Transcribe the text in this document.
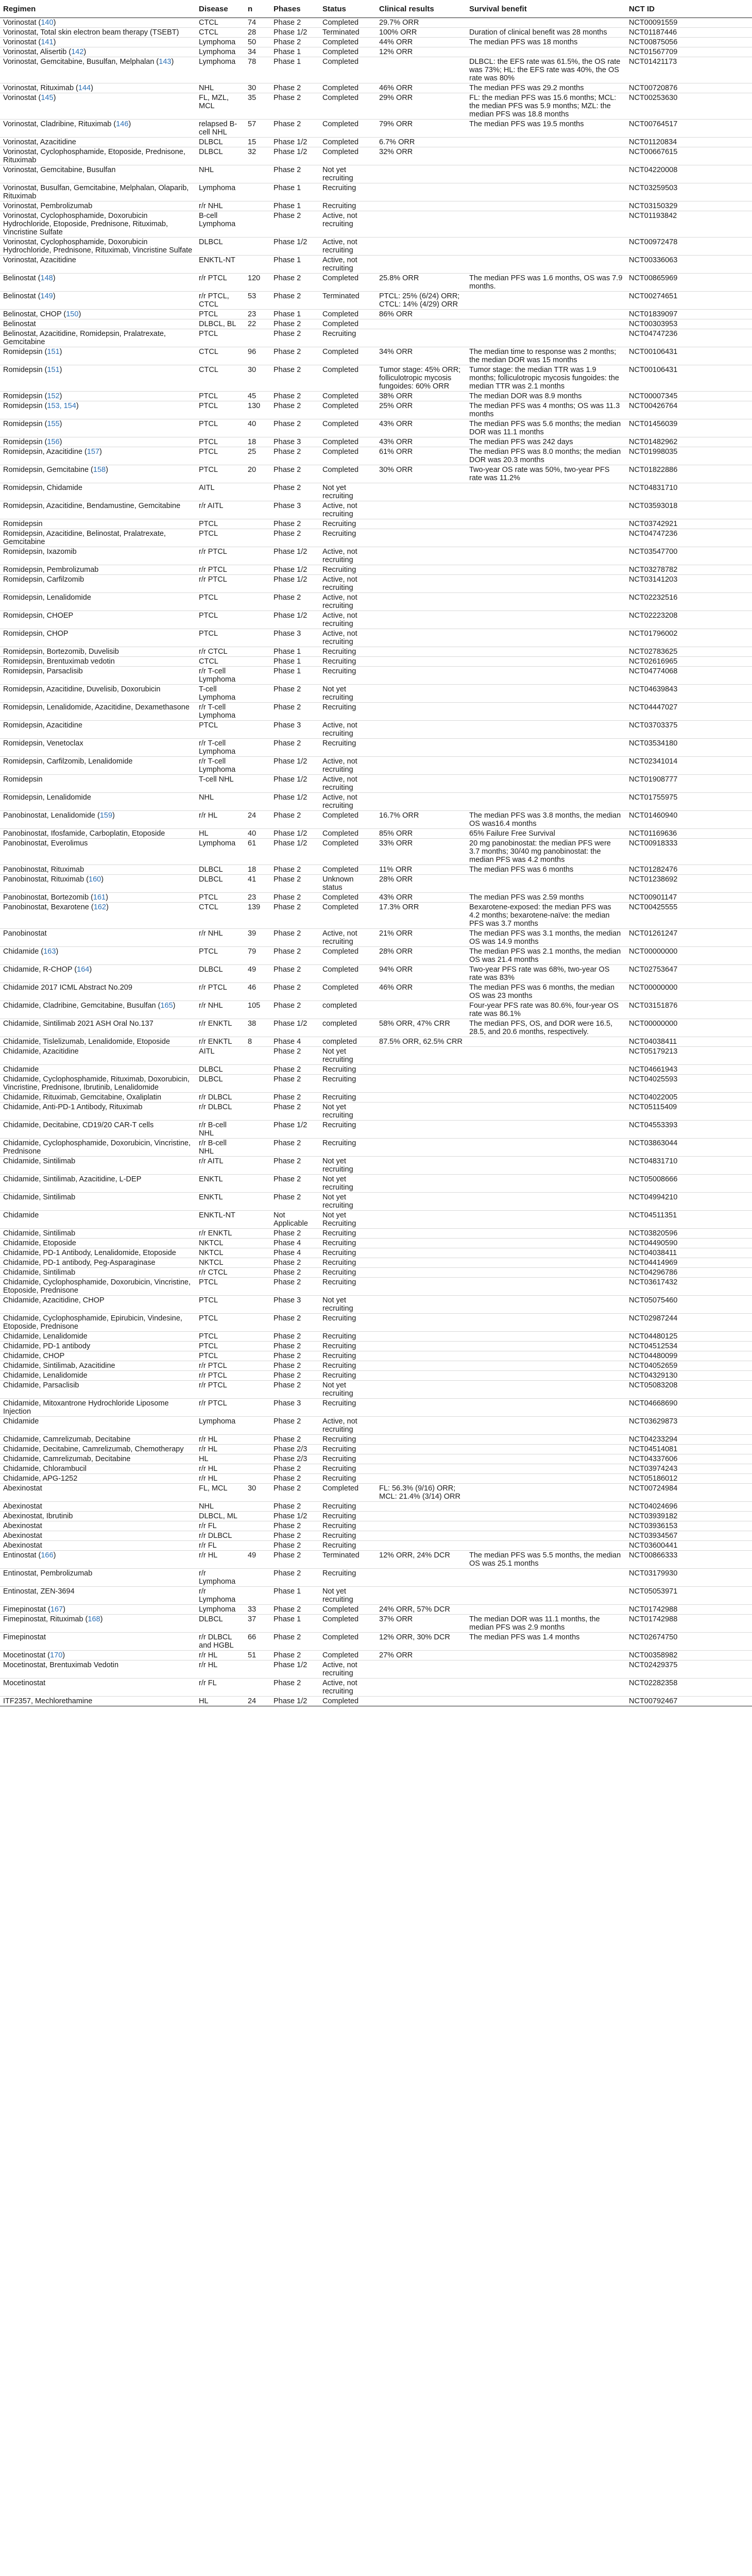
Regimen	Disease	n	Phases	Status	Clinical results	Survival benefit	NCT ID
Vorinostat (140)	CTCL	74	Phase 2	Completed	29.7% ORR		NCT00091559
Vorinostat, Total skin electron beam therapy (TSEBT)	CTCL	28	Phase 1/2	Terminated	100% ORR	Duration of clinical benefit was 28 months	NCT01187446
Vorinostat (141)	Lymphoma	50	Phase 2	Completed	44% ORR	The median PFS was 18 months	NCT00875056
Vorinostat, Alisertib (142)	Lymphoma	34	Phase 1	Completed	12% ORR		NCT01567709
Vorinostat, Gemcitabine, Busulfan, Melphalan (143)	Lymphoma	78	Phase 1	Completed		DLBCL: the EFS rate was 61.5%, the OS rate was 73%; HL: the EFS rate was 40%, the OS rate was 80%	NCT01421173
Vorinostat, Rituximab (144)	NHL	30	Phase 2	Completed	46% ORR	The median PFS was 29.2 months	NCT00720876
Vorinostat (145)	FL, MZL, MCL	35	Phase 2	Completed	29% ORR	FL: the median PFS was 15.6 months; MCL: the median PFS was 5.9 months; MZL: the median PFS was 18.8 months	NCT00253630
Vorinostat, Cladribine, Rituximab (146)	relapsed B-cell NHL	57	Phase 2	Completed	79% ORR	The median PFS was 19.5 months	NCT00764517
Vorinostat, Azacitidine	DLBCL	15	Phase 1/2	Completed	6.7% ORR		NCT01120834
Vorinostat, Cyclophosphamide, Etoposide, Prednisone, Rituximab	DLBCL	32	Phase 1/2	Completed	32% ORR		NCT00667615
Vorinostat, Gemcitabine, Busulfan	NHL		Phase 2	Not yet recruiting			NCT04220008
Vorinostat, Busulfan, Gemcitabine, Melphalan, Olaparib, Rituximab	Lymphoma		Phase 1	Recruiting			NCT03259503
Vorinostat, Pembrolizumab	r/r NHL		Phase 1	Recruiting			NCT03150329
Vorinostat, Cyclophosphamide, Doxorubicin Hydrochloride, Etoposide, Prednisone, Rituximab, Vincristine Sulfate	B-cell Lymphoma		Phase 2	Active, not recruiting			NCT01193842
Vorinostat, Cyclophosphamide, Doxorubicin Hydrochloride, Prednisone, Rituximab, Vincristine Sulfate	DLBCL		Phase 1/2	Active, not recruiting			NCT00972478
Vorinostat, Azacitidine	ENKTL-NT		Phase 1	Active, not recruiting			NCT00336063
Belinostat (148)	r/r PTCL	120	Phase 2	Completed	25.8% ORR	The median PFS was 1.6 months, OS was 7.9 months.	NCT00865969
Belinostat (149)	r/r PTCL, CTCL	53	Phase 2	Terminated	PTCL: 25% (6/24) ORR; CTCL: 14% (4/29) ORR		NCT00274651
Belinostat, CHOP (150)	PTCL	23	Phase 1	Completed	86% ORR		NCT01839097
Belinostat	DLBCL, BL	22	Phase 2	Completed			NCT00303953
Belinostat, Azacitidine, Romidepsin, Pralatrexate, Gemcitabine	PTCL		Phase 2	Recruiting			NCT04747236
Romidepsin (151)	CTCL	96	Phase 2	Completed	34% ORR	The median time to response was 2 months; the median DOR was 15 months	NCT00106431
Romidepsin (151)	CTCL	30	Phase 2	Completed	Tumor stage: 45% ORR; folliculotropic mycosis fungoides: 60% ORR	Tumor stage: the median TTR was 1.9 months; folliculotropic mycosis fungoides: the median TTR was 2.1 months	NCT00106431
Romidepsin (152)	PTCL	45	Phase 2	Completed	38% ORR	The median DOR was 8.9 months	NCT00007345
Romidepsin (153, 154)	PTCL	130	Phase 2	Completed	25% ORR	The median PFS was 4 months; OS was 11.3 months	NCT00426764
Romidepsin (155)	PTCL	40	Phase 2	Completed	43% ORR	The median PFS was 5.6 months; the median DOR was 11.1 months	NCT01456039
Romidepsin (156)	PTCL	18	Phase 3	Completed	43% ORR	The median PFS was 242 days	NCT01482962
Romidepsin, Azacitidine (157)	PTCL	25	Phase 2	Completed	61% ORR	The median PFS was 8.0 months; the median DOR was 20.3 months	NCT01998035
Romidepsin, Gemcitabine (158)	PTCL	20	Phase 2	Completed	30% ORR	Two-year OS rate was 50%, two-year PFS rate was 11.2%	NCT01822886
Romidepsin, Chidamide	AITL		Phase 2	Not yet recruiting			NCT04831710
Romidepsin, Azacitidine, Bendamustine, Gemcitabine	r/r AITL		Phase 3	Active, not recruiting			NCT03593018
Romidepsin	PTCL		Phase 2	Recruiting			NCT03742921
Romidepsin, Azacitidine, Belinostat, Pralatrexate, Gemcitabine	PTCL		Phase 2	Recruiting			NCT04747236
Romidepsin, Ixazomib	r/r PTCL		Phase 1/2	Active, not recruiting			NCT03547700
Romidepsin, Pembrolizumab	r/r PTCL		Phase 1/2	Recruiting			NCT03278782
Romidepsin, Carfilzomib	r/r PTCL		Phase 1/2	Active, not recruiting			NCT03141203
Romidepsin, Lenalidomide	PTCL		Phase 2	Active, not recruiting			NCT02232516
Romidepsin, CHOEP	PTCL		Phase 1/2	Active, not recruiting			NCT02223208
Romidepsin, CHOP	PTCL		Phase 3	Active, not recruiting			NCT01796002
Romidepsin, Bortezomib, Duvelisib	r/r CTCL		Phase 1	Recruiting			NCT02783625
Romidepsin, Brentuximab vedotin	CTCL		Phase 1	Recruiting			NCT02616965
Romidepsin, Parsaclisib	r/r T-cell Lymphoma		Phase 1	Recruiting			NCT04774068
Romidepsin, Azacitidine, Duvelisib, Doxorubicin	T-cell Lymphoma		Phase 2	Not yet recruiting			NCT04639843
Romidepsin, Lenalidomide, Azacitidine, Dexamethasone	r/r T-cell Lymphoma		Phase 2	Recruiting			NCT04447027
Romidepsin, Azacitidine	PTCL		Phase 3	Active, not recruiting			NCT03703375
Romidepsin, Venetoclax	r/r T-cell Lymphoma		Phase 2	Recruiting			NCT03534180
Romidepsin, Carfilzomib, Lenalidomide	r/r T-cell Lymphoma		Phase 1/2	Active, not recruiting			NCT02341014
Romidepsin	T-cell NHL		Phase 1/2	Active, not recruiting			NCT01908777
Romidepsin, Lenalidomide	NHL		Phase 1/2	Active, not recruiting			NCT01755975
Panobinostat, Lenalidomide (159)	r/r HL	24	Phase 2	Completed	16.7% ORR	The median PFS was 3.8 months, the median OS was16.4 months	NCT01460940
Panobinostat, Ifosfamide, Carboplatin, Etoposide	HL	40	Phase 1/2	Completed	85% ORR	65% Failure Free Survival	NCT01169636
Panobinostat, Everolimus	Lymphoma	61	Phase 1/2	Completed	33% ORR	20 mg panobinostat: the median PFS were 3.7 months; 30/40 mg panobinostat: the median PFS was 4.2 months	NCT00918333
Panobinostat, Rituximab	DLBCL	18	Phase 2	Completed	11% ORR	The median PFS was 6 months	NCT01282476
Panobinostat, Rituximab (160)	DLBCL	41	Phase 2	Unknown status	28% ORR		NCT01238692
Panobinostat, Bortezomib (161)	PTCL	23	Phase 2	Completed	43% ORR	The median PFS was 2.59 months	NCT00901147
Panobinostat, Bexarotene (162)	CTCL	139	Phase 2	Completed	17.3% ORR	Bexarotene-exposed: the median PFS was 4.2 months; bexarotene-naïve: the median PFS was 3.7 months	NCT00425555
Panobinostat	r/r NHL	39	Phase 2	Active, not recruiting	21% ORR	The median PFS was 3.1 months, the median OS was 14.9 months	NCT01261247
Chidamide (163)	PTCL	79	Phase 2	Completed	28% ORR	The median PFS was 2.1 months, the median OS was 21.4 months	NCT00000000
Chidamide, R-CHOP (164)	DLBCL	49	Phase 2	Completed	94% ORR	Two-year PFS rate was 68%, two-year OS rate was 83%	NCT02753647
Chidamide 2017 ICML Abstract No.209	r/r PTCL	46	Phase 2	Completed	46% ORR	The median PFS was 6 months, the median OS was 23 months	NCT00000000
Chidamide, Cladribine, Gemcitabine, Busulfan (165)	r/r NHL	105	Phase 2	completed		Four-year PFS rate was 80.6%, four-year OS rate was 86.1%	NCT03151876
Chidamide, Sintilimab 2021 ASH Oral No.137	r/r ENKTL	38	Phase 1/2	completed	58% ORR, 47% CRR	The median PFS, OS, and DOR were 16.5, 28.5, and 20.6 months, respectively.	NCT00000000
Chidamide, Tislelizumab, Lenalidomide, Etoposide	r/r ENKTL	8	Phase 4	completed	87.5% ORR, 62.5% CRR		NCT04038411
Chidamide, Azacitidine	AITL		Phase 2	Not yet recruiting			NCT05179213
Chidamide	DLBCL		Phase 2	Recruiting			NCT04661943
Chidamide, Cyclophosphamide, Rituximab, Doxorubicin, Vincristine, Prednisone, Ibrutinib, Lenalidomide	DLBCL		Phase 2	Recruiting			NCT04025593
Chidamide, Rituximab, Gemcitabine, Oxaliplatin	r/r DLBCL		Phase 2	Recruiting			NCT04022005
Chidamide, Anti-PD-1 Antibody, Rituximab	r/r DLBCL		Phase 2	Not yet recruiting			NCT05115409
Chidamide, Decitabine, CD19/20 CAR-T cells	r/r B-cell NHL		Phase 1/2	Recruiting			NCT04553393
Chidamide, Cyclophosphamide, Doxorubicin, Vincristine, Prednisone	r/r B-cell NHL		Phase 2	Recruiting			NCT03863044
Chidamide, Sintilimab	r/r AITL		Phase 2	Not yet recruiting			NCT04831710
Chidamide, Sintilimab, Azacitidine, L-DEP	ENKTL		Phase 2	Not yet recruiting			NCT05008666
Chidamide, Sintilimab	ENKTL		Phase 2	Not yet recruiting			NCT04994210
Chidamide	ENKTL-NT		Not Applicable	Not yet Recruiting			NCT04511351
Chidamide, Sintilimab	r/r ENKTL		Phase 2	Recruiting			NCT03820596
Chidamide, Etoposide	NKTCL		Phase 4	Recruiting			NCT04490590
Chidamide, PD-1 Antibody, Lenalidomide, Etoposide	NKTCL		Phase 4	Recruiting			NCT04038411
Chidamide, PD-1 antibody, Peg-Asparaginase	NKTCL		Phase 2	Recruiting			NCT04414969
Chidamide, Sintilimab	r/r CTCL		Phase 2	Recruiting			NCT04296786
Chidamide, Cyclophosphamide, Doxorubicin, Vincristine, Etoposide, Prednisone	PTCL		Phase 2	Recruiting			NCT03617432
Chidamide, Azacitidine, CHOP	PTCL		Phase 3	Not yet recruiting			NCT05075460
Chidamide, Cyclophosphamide, Epirubicin, Vindesine, Etoposide, Prednisone	PTCL		Phase 2	Recruiting			NCT02987244
Chidamide, Lenalidomide	PTCL		Phase 2	Recruiting			NCT04480125
Chidamide, PD-1 antibody	PTCL		Phase 2	Recruiting			NCT04512534
Chidamide, CHOP	PTCL		Phase 2	Recruiting			NCT04480099
Chidamide, Sintilimab, Azacitidine	r/r PTCL		Phase 2	Recruiting			NCT04052659
Chidamide, Lenalidomide	r/r PTCL		Phase 2	Recruiting			NCT04329130
Chidamide, Parsaclisib	r/r PTCL		Phase 2	Not yet recruiting			NCT05083208
Chidamide, Mitoxantrone Hydrochloride Liposome Injection	r/r PTCL		Phase 3	Recruiting			NCT04668690
Chidamide	Lymphoma		Phase 2	Active, not recruiting			NCT03629873
Chidamide, Camrelizumab, Decitabine	r/r HL		Phase 2	Recruiting			NCT04233294
Chidamide, Decitabine, Camrelizumab, Chemotherapy	r/r HL		Phase 2/3	Recruiting			NCT04514081
Chidamide, Camrelizumab, Decitabine	HL		Phase 2/3	Recruiting			NCT04337606
Chidamide, Chlorambucil	r/r HL		Phase 2	Recruiting			NCT03974243
Chidamide, APG-1252	r/r HL		Phase 2	Recruiting			NCT05186012
Abexinostat	FL, MCL	30	Phase 2	Completed	FL: 56.3% (9/16) ORR; MCL: 21.4% (3/14) ORR		NCT00724984
Abexinostat	NHL		Phase 2	Recruiting			NCT04024696
Abexinostat, Ibrutinib	DLBCL, ML		Phase 1/2	Recruiting			NCT03939182
Abexinostat	r/r FL		Phase 2	Recruiting			NCT03936153
Abexinostat	r/r DLBCL		Phase 2	Recruiting			NCT03934567
Abexinostat	r/r FL		Phase 2	Recruiting			NCT03600441
Entinostat (166)	r/r HL	49	Phase 2	Terminated	12% ORR, 24% DCR	The median PFS was 5.5 months, the median OS was 25.1 months	NCT00866333
Entinostat, Pembrolizumab	r/r Lymphoma		Phase 2	Recruiting			NCT03179930
Entinostat, ZEN-3694	r/r Lymphoma		Phase 1	Not yet recruiting			NCT05053971
Fimepinostat (167)	Lymphoma	33	Phase 2	Completed	24% ORR, 57% DCR		NCT01742988
Fimepinostat, Rituximab (168)	DLBCL	37	Phase 1	Completed	37% ORR	The median DOR was 11.1 months, the median PFS was 2.9 months	NCT01742988
Fimepinostat	r/r DLBCL and HGBL	66	Phase 2	Completed	12% ORR, 30% DCR	The median PFS was 1.4 months	NCT02674750
Mocetinostat (170)	r/r HL	51	Phase 2	Completed	27% ORR		NCT00358982
Mocetinostat, Brentuximab Vedotin	r/r HL		Phase 1/2	Active, not recruiting			NCT02429375
Mocetinostat	r/r FL		Phase 2	Active, not recruiting			NCT02282358
ITF2357, Mechlorethamine	HL	24	Phase 1/2	Completed			NCT00792467
